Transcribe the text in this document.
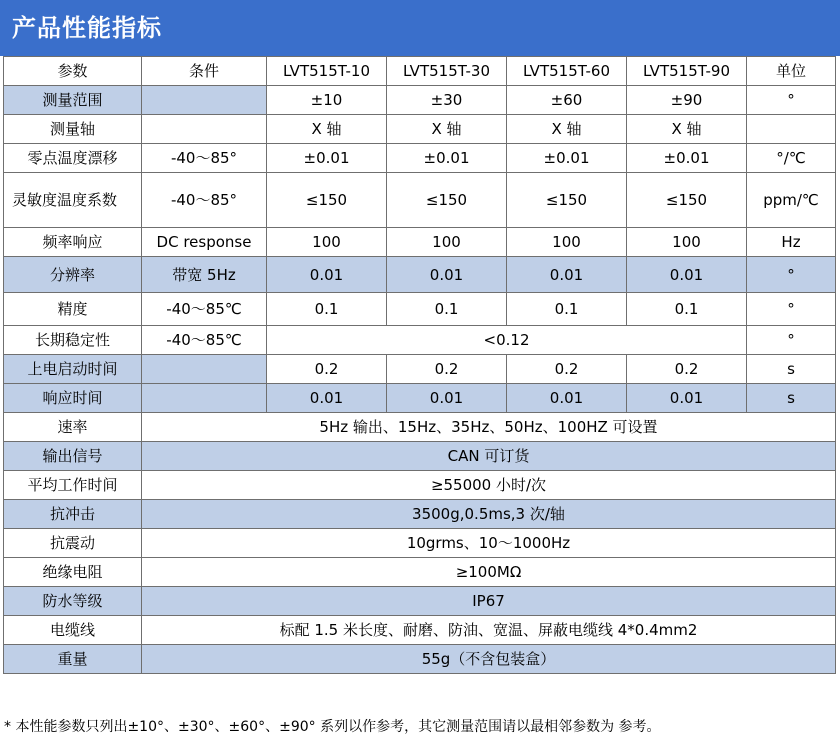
产品性能指标
参数	条件	LVT515T-10	LVT515T-30	LVT515T-60	LVT515T-90	单位
测量范围		±10	±30	±60	±90	°
测量轴		X 轴	X 轴	X 轴	X 轴	
零点温度漂移	-40～85°	±0.01	±0.01	±0.01	±0.01	°/℃
灵敏度温度系数	-40～85°	≤150	≤150	≤150	≤150	ppm/℃
频率响应	DC response	100	100	100	100	Hz
分辨率	带宽 5Hz	0.01	0.01	0.01	0.01	°
精度	-40～85℃	0.1	0.1	0.1	0.1	°
长期稳定性	-40～85℃	<0.12				°
上电启动时间		0.2	0.2	0.2	0.2	s
响应时间		0.01	0.01	0.01	0.01	s
速率	5Hz 输出、15Hz、35Hz、50Hz、100HZ 可设置					
输出信号	CAN 可订货					
平均工作时间	≥55000 小时/次					
抗冲击	3500g,0.5ms,3 次/轴					
抗震动	10grms、10～1000Hz					
绝缘电阻	≥100MΩ					
防水等级	IP67					
电缆线	标配 1.5 米长度、耐磨、防油、宽温、屏蔽电缆线 4*0.4mm2					
重量	55g（不含包装盒）					
* 本性能参数只列出±10°、±30°、±60°、±90° 系列以作参考，其它测量范围请以最相邻参数为 参考。
